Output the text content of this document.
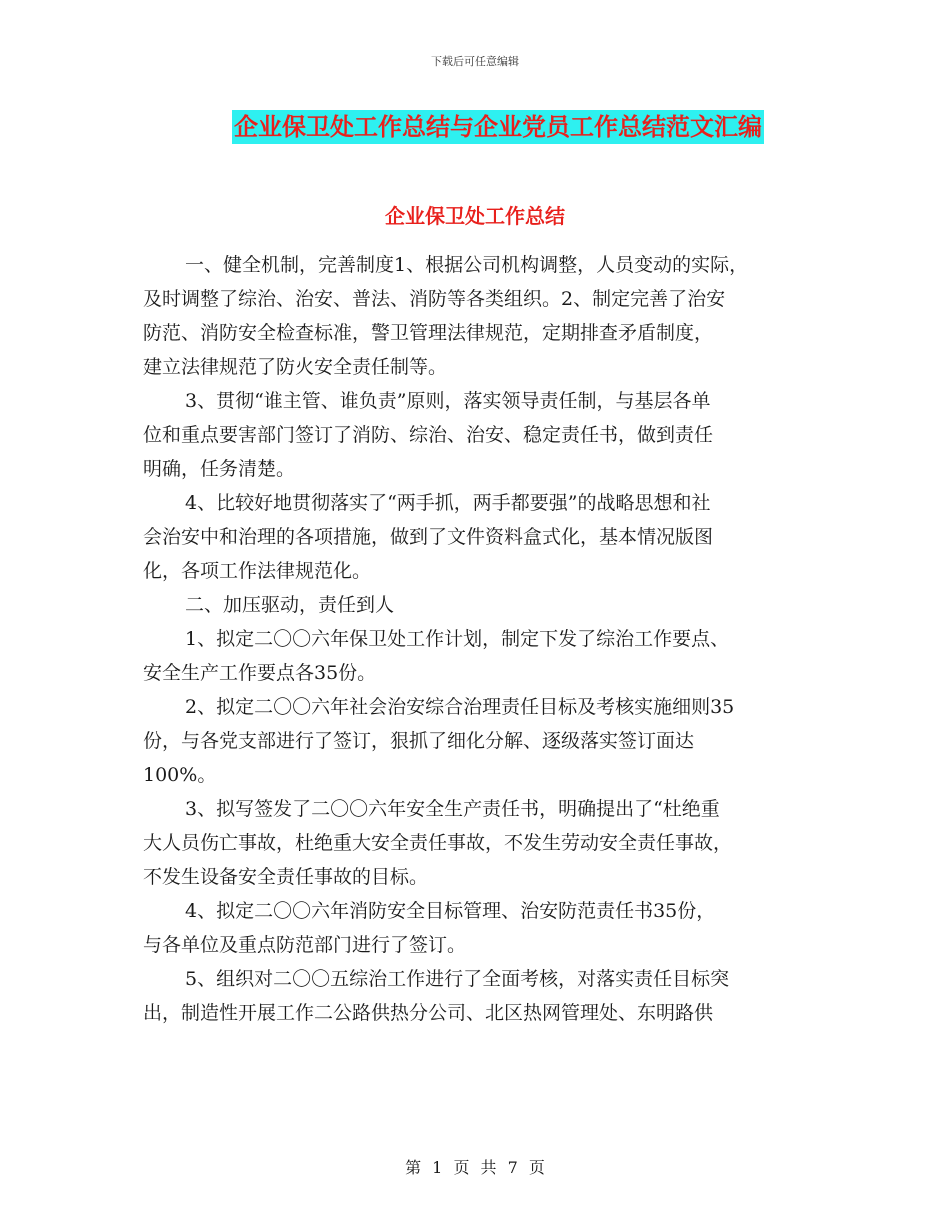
下载后可任意编辑
企业保卫处工作总结与企业党员工作总结范文汇编
企业保卫处工作总结
一、健全机制，完善制度1、根据公司机构调整，人员变动的实际，
及时调整了综治、治安、普法、消防等各类组织。2、制定完善了治安
防范、消防安全检查标准，警卫管理法律规范，定期排查矛盾制度，
建立法律规范了防火安全责任制等。
3、贯彻“谁主管、谁负责”原则，落实领导责任制，与基层各单
位和重点要害部门签订了消防、综治、治安、稳定责任书，做到责任
明确，任务清楚。
4、比较好地贯彻落实了“两手抓，两手都要强”的战略思想和社
会治安中和治理的各项措施，做到了文件资料盒式化，基本情况版图
化，各项工作法律规范化。
二、加压驱动，责任到人
1、拟定二〇〇六年保卫处工作计划，制定下发了综治工作要点、
安全生产工作要点各35份。
2、拟定二〇〇六年社会治安综合治理责任目标及考核实施细则35
份，与各党支部进行了签订，狠抓了细化分解、逐级落实签订面达
100%。
3、拟写签发了二〇〇六年安全生产责任书，明确提出了“杜绝重
大人员伤亡事故，杜绝重大安全责任事故，不发生劳动安全责任事故，
不发生设备安全责任事故的目标。
4、拟定二〇〇六年消防安全目标管理、治安防范责任书35份，
与各单位及重点防范部门进行了签订。
5、组织对二〇〇五综治工作进行了全面考核，对落实责任目标突
出，制造性开展工作二公路供热分公司、北区热网管理处、东明路供
第 1 页 共 7 页
